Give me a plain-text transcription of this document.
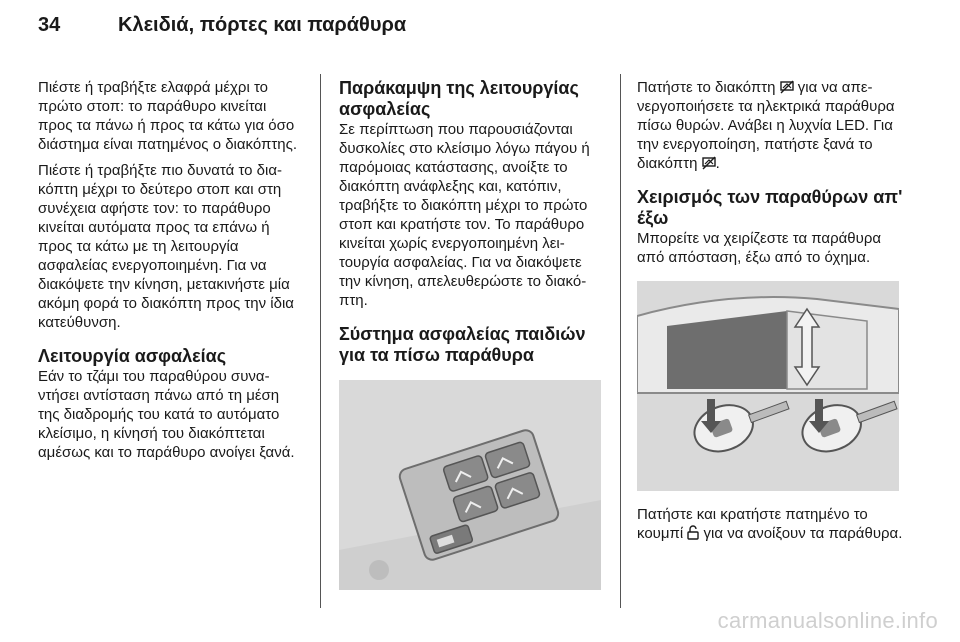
34	Κλειδιά, πόρτες και παράθυρα

Πιέστε ή τραβήξτε ελαφρά μέχρι το πρώτο στοπ: το παράθυρο κινείται προς τα πάνω ή προς τα κάτω για όσο διάστημα είναι πατημένος ο διακόπτης.

Πιέστε ή τραβήξτε πιο δυνατά το διακόπτη μέχρι το δεύτερο στοπ και στη συνέχεια αφήστε τον: το παράθυρο κινείται αυτόματα προς τα επάνω ή προς τα κάτω με τη λειτουργία ασφαλείας ενεργοποιημένη. Για να διακόψετε την κίνηση, μετακινήστε μία ακόμη φορά το διακόπτη προς την ίδια κατεύθυνση.

Λειτουργία ασφαλείας

Εάν το τζάμι του παραθύρου συναντήσει αντίσταση πάνω από τη μέση της διαδρομής του κατά το αυτόματο κλείσιμο, η κίνησή του διακόπτεται αμέσως και το παράθυρο ανοίγει ξανά.

Παράκαμψη της λειτουργίας ασφαλείας

Σε περίπτωση που παρουσιάζονται δυσκολίες στο κλείσιμο λόγω πάγου ή παρόμοιας κατάστασης, ανοίξτε το διακόπτη ανάφλεξης και, κατόπιν, τραβήξτε το διακόπτη μέχρι το πρώτο στοπ και κρατήστε τον. Το παράθυρο κινείται χωρίς ενεργοποιημένη λειτουργία ασφαλείας. Για να διακόψετε την κίνηση, απελευθερώστε το διακόπτη.

Σύστημα ασφαλείας παιδιών για τα πίσω παράθυρα

Πατήστε το διακόπτη για να απενεργοποιήσετε τα ηλεκτρικά παράθυρα πίσω θυρών. Ανάβει η λυχνία LED. Για την ενεργοποίηση, πατήστε ξανά το διακόπτη .

Χειρισμός των παραθύρων απ' έξω

Μπορείτε να χειρίζεστε τα παράθυρα από απόσταση, έξω από το όχημα.

Πατήστε και κρατήστε πατημένο το κουμπί για να ανοίξουν τα παράθυρα.

carmanualsonline.info
